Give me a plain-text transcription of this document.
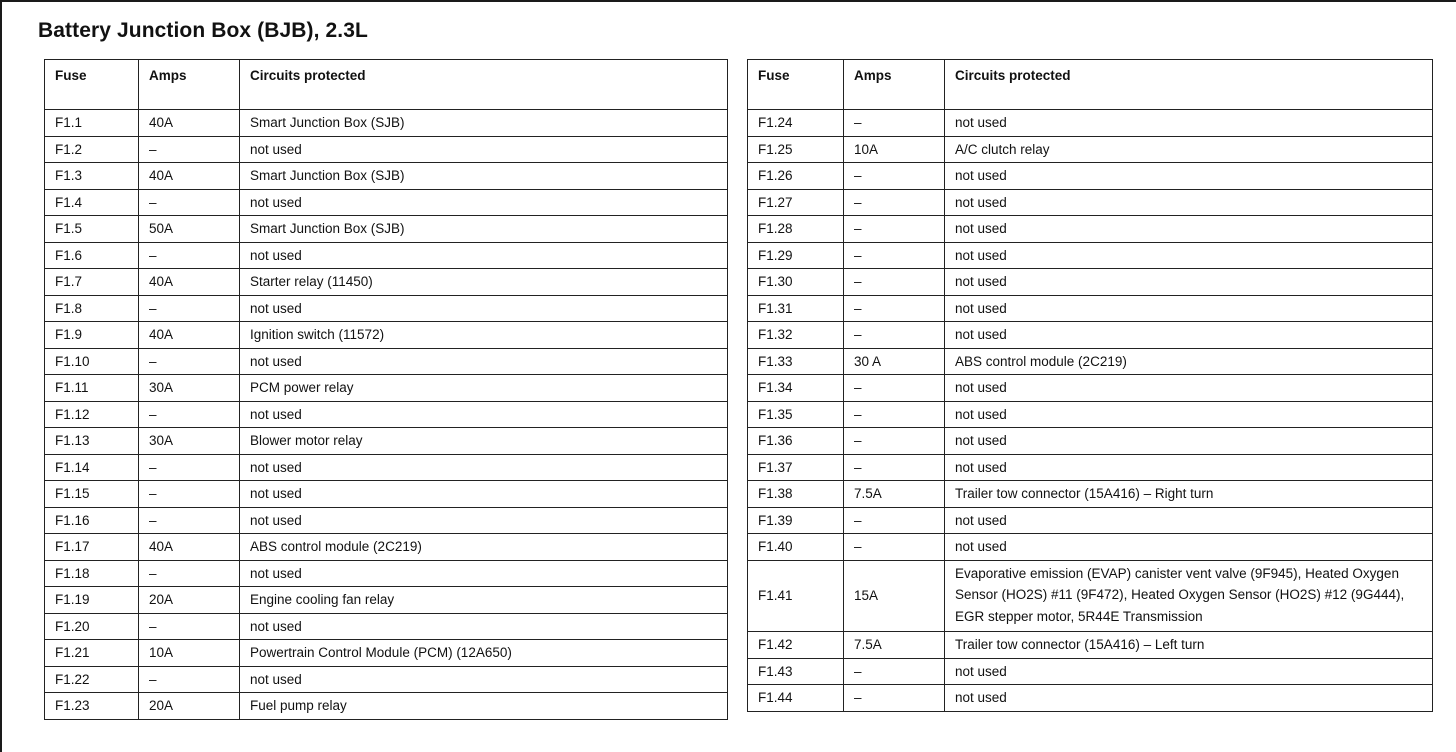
Battery Junction Box (BJB), 2.3L
Fuse	Amps	Circuits protected
F1.1	40A	Smart Junction Box (SJB)
F1.2	–	not used
F1.3	40A	Smart Junction Box (SJB)
F1.4	–	not used
F1.5	50A	Smart Junction Box (SJB)
F1.6	–	not used
F1.7	40A	Starter relay (11450)
F1.8	–	not used
F1.9	40A	Ignition switch (11572)
F1.10	–	not used
F1.11	30A	PCM power relay
F1.12	–	not used
F1.13	30A	Blower motor relay
F1.14	–	not used
F1.15	–	not used
F1.16	–	not used
F1.17	40A	ABS control module (2C219)
F1.18	–	not used
F1.19	20A	Engine cooling fan relay
F1.20	–	not used
F1.21	10A	Powertrain Control Module (PCM) (12A650)
F1.22	–	not used
F1.23	20A	Fuel pump relay
Fuse	Amps	Circuits protected
F1.24	–	not used
F1.25	10A	A/C clutch relay
F1.26	–	not used
F1.27	–	not used
F1.28	–	not used
F1.29	–	not used
F1.30	–	not used
F1.31	–	not used
F1.32	–	not used
F1.33	30 A	ABS control module (2C219)
F1.34	–	not used
F1.35	–	not used
F1.36	–	not used
F1.37	–	not used
F1.38	7.5A	Trailer tow connector (15A416) – Right turn
F1.39	–	not used
F1.40	–	not used
F1.41	15A	Evaporative emission (EVAP) canister vent valve (9F945), Heated Oxygen Sensor (HO2S) #11 (9F472), Heated Oxygen Sensor (HO2S) #12 (9G444), EGR stepper motor, 5R44E Transmission
F1.42	7.5A	Trailer tow connector (15A416) – Left turn
F1.43	–	not used
F1.44	–	not used
